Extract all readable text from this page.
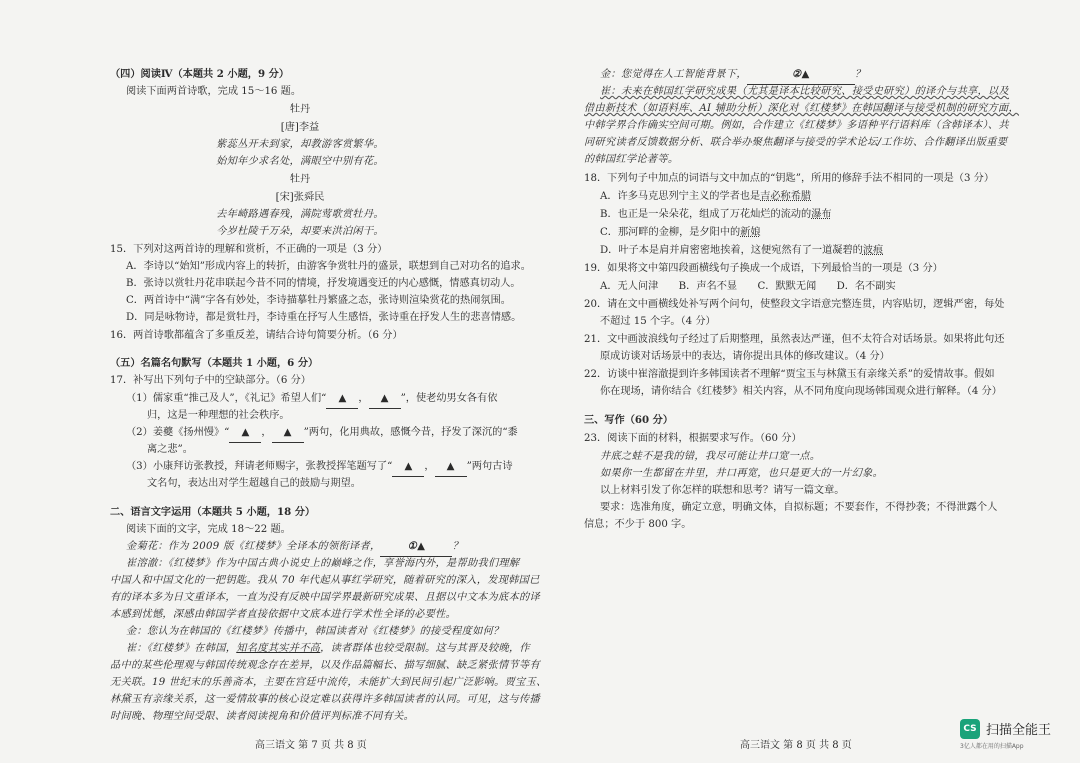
（四）阅读Ⅳ（本题共 2 小题，9 分）
阅读下面两首诗歌，完成 15～16 题。
牡丹
[唐]李益
紫蕊丛开未到家，却教游客赏繁华。
始知年少求名处，满眼空中别有花。
牡丹
[宋]张舜民
去年崎路遇春残，满院莺歌赏牡丹。
今岁杜陵千万朵，却要来洪泊闲干。
15．下列对这两首诗的理解和赏析，不正确的一项是（3 分）
A．李诗以“始知”形成内容上的转折，由游客争赏牡丹的盛景，联想到自己对功名的追求。
B．张诗以赏牡丹花串联起今昔不同的情境，抒发境遇变迁的内心感慨，情感真切动人。
C．两首诗中“满”字各有妙处，李诗描摹牡丹繁盛之态，张诗则渲染赏花的热闹氛围。
D．同是咏物诗，都是赏牡丹，李诗重在抒写人生感悟，张诗重在抒发人生的悲喜情感。
16．两首诗歌都蕴含了多重反差，请结合诗句简要分析。（6 分）
（五）名篇名句默写（本题共 1 小题，6 分）
17．补写出下列句子中的空缺部分。（6 分）
（1）儒家重“推己及人”，《礼记》希望人们“ ▲ ， ▲ ”，使老幼男女各有依
归，这是一种理想的社会秩序。
（2）姜夔《扬州慢》“ ▲ ， ▲ ”两句，化用典故，感慨今昔，抒发了深沉的“黍
离之悲”。
（3）小康拜访张教授，拜请老师赐字，张教授挥笔题写了“ ▲ ， ▲ ”两句古诗
文名句，表达出对学生超越自己的鼓励与期望。
二、语言文字运用（本题共 5 小题，18 分）
阅读下面的文字，完成 18～22 题。
金菊花：作为 2009 版《红楼梦》全译本的领衔译者，	①▲	？
崔溶澈：《红楼梦》作为中国古典小说史上的巅峰之作，享誉海内外，是帮助我们理解
中国人和中国文化的一把钥匙。我从 70 年代起从事红学研究，随着研究的深入，发现韩国已
有的译本多为日文重译本，一直为没有反映中国学界最新研究成果、且据以中文本为底本的译
本感到忧憾，深感由韩国学者直接依据中文底本进行学术性全译的必要性。
金：您认为在韩国的《红楼梦》传播中，韩国读者对《红楼梦》的接受程度如何？
崔：《红楼梦》在韩国，知名度其实并不高，读者群体也较受限制。这与其晋及较晚，作
品中的某些伦理观与韩国传统观念存在差异，以及作品篇幅长、描写细腻、缺乏紧张情节等有
无关联。19 世纪末的乐善斋本，主要在宫廷中流传，未能扩大到民间引起广泛影响。贾宝玉、
林黛玉有亲缘关系，这一爱情故事的核心设定难以获得许多韩国读者的认同。可见，这与传播
时间晚、物理空间受限、读者阅读视角和价值评判标准不同有关。
高三语文 第 7 页 共 8 页
金：您觉得在人工智能背景下，	②▲	？
崔：未来在韩国红学研究成果（尤其是译本比较研究、接受史研究）的译介与共享，以及
借由新技术（如语料库、AI 辅助分析）深化对《红楼梦》在韩国翻译与接受机制的研究方面，
中韩学界合作确实空间可期。例如，合作建立《红楼梦》多语种平行语料库（含韩译本）、共
同研究读者反馈数据分析、联合举办聚焦翻译与接受的学术论坛/工作坊、合作翻译出版重要
的韩国红学论著等。
18．下列句子中加点的词语与文中加点的“钥匙”，所用的修辞手法不相同的一项是（3 分）
A．许多马克思列宁主义的学者也是吉必称希腊
B．也正是一朵朵花，组成了万花灿烂的流动的瀑布
C．那河畔的金柳，是夕阳中的新娘
D．叶子本是肩并肩密密地挨着，这便宛然有了一道凝碧的波痕
19．如果将文中第四段画横线句子换成一个成语，下列最恰当的一项是（3 分）
A．无人问津　　B．声名不显　　C．默默无闻　　D．名不副实
20．请在文中画横线处补写两个问句，使整段文字语意完整连贯，内容贴切，逻辑严密，每处
不超过 15 个字。（4 分）
21．文中画波浪线句子经过了后期整理，虽然表达严谨，但不太符合对话场景。如果将此句还
原成访谈对话场景中的表达，请你提出具体的修改建议。（4 分）
22．访谈中崔溶澈提到许多韩国读者不理解“贾宝玉与林黛玉有亲缘关系”的爱情故事。假如
你在现场，请你结合《红楼梦》相关内容，从不同角度向现场韩国观众进行解释。（4 分）
三、写作（60 分）
23．阅读下面的材料，根据要求写作。（60 分）
井底之蛙不是我的错，我尽可能让井口宽一点。
如果你一生都留在井里，井口再宽，也只是更大的一片幻象。
以上材料引发了你怎样的联想和思考？请写一篇文章。
要求：选准角度，确定立意，明确文体，自拟标题；不要套作，不得抄袭；不得泄露个人
信息；不少于 800 字。
高三语文 第 8 页 共 8 页
CS 扫描全能王
3亿人都在用的扫描App
